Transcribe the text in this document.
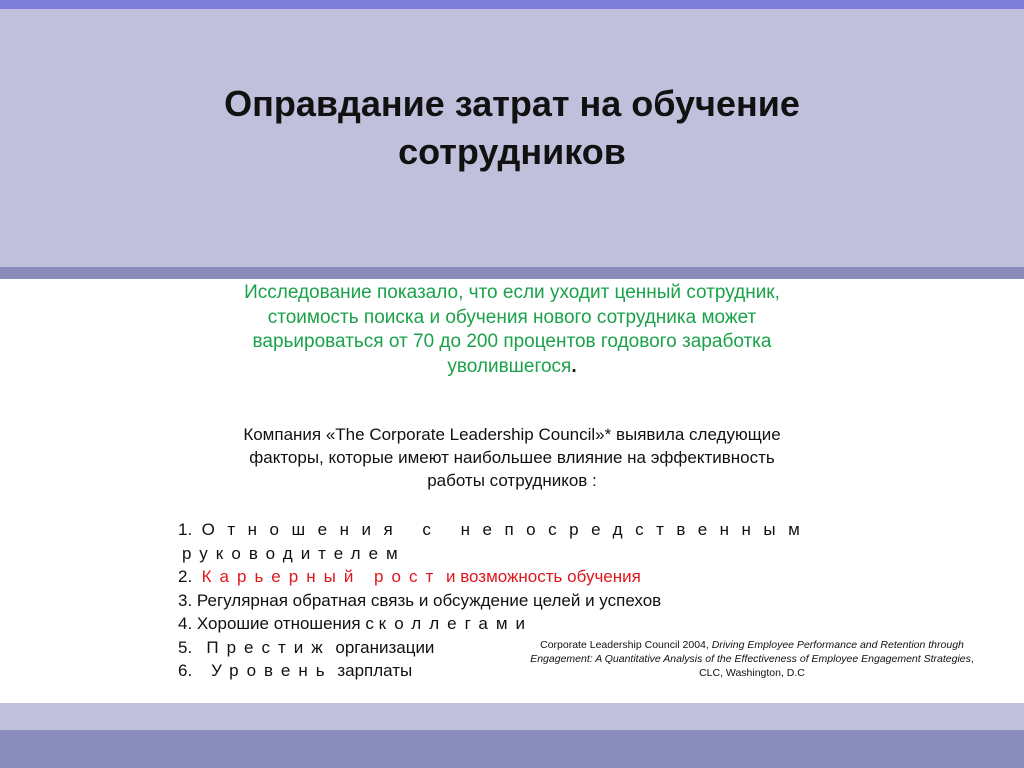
Оправдание затрат на обучение
сотрудников
Исследование показало, что если уходит ценный сотрудник,
стоимость поиска и обучения нового сотрудника может
варьироваться от 70 до 200 процентов годового заработка
уволившегося.
Компания «The Corporate Leadership Council»* выявила следующие
факторы, которые имеют наибольшее влияние на эффективность
работы сотрудников :
1. Отношения с непосредственным
руководителем
2. Карьерный рост и возможность обучения
3. Регулярная обратная связь и обсуждение целей и успехов
4. Хорошие отношения с коллегами
5. Престиж организации
6. Уровень зарплаты
Corporate Leadership Council 2004, Driving Employee Performance and Retention through
Engagement: A Quantitative Analysis of the Effectiveness of Employee Engagement Strategies,
CLC, Washington, D.C
